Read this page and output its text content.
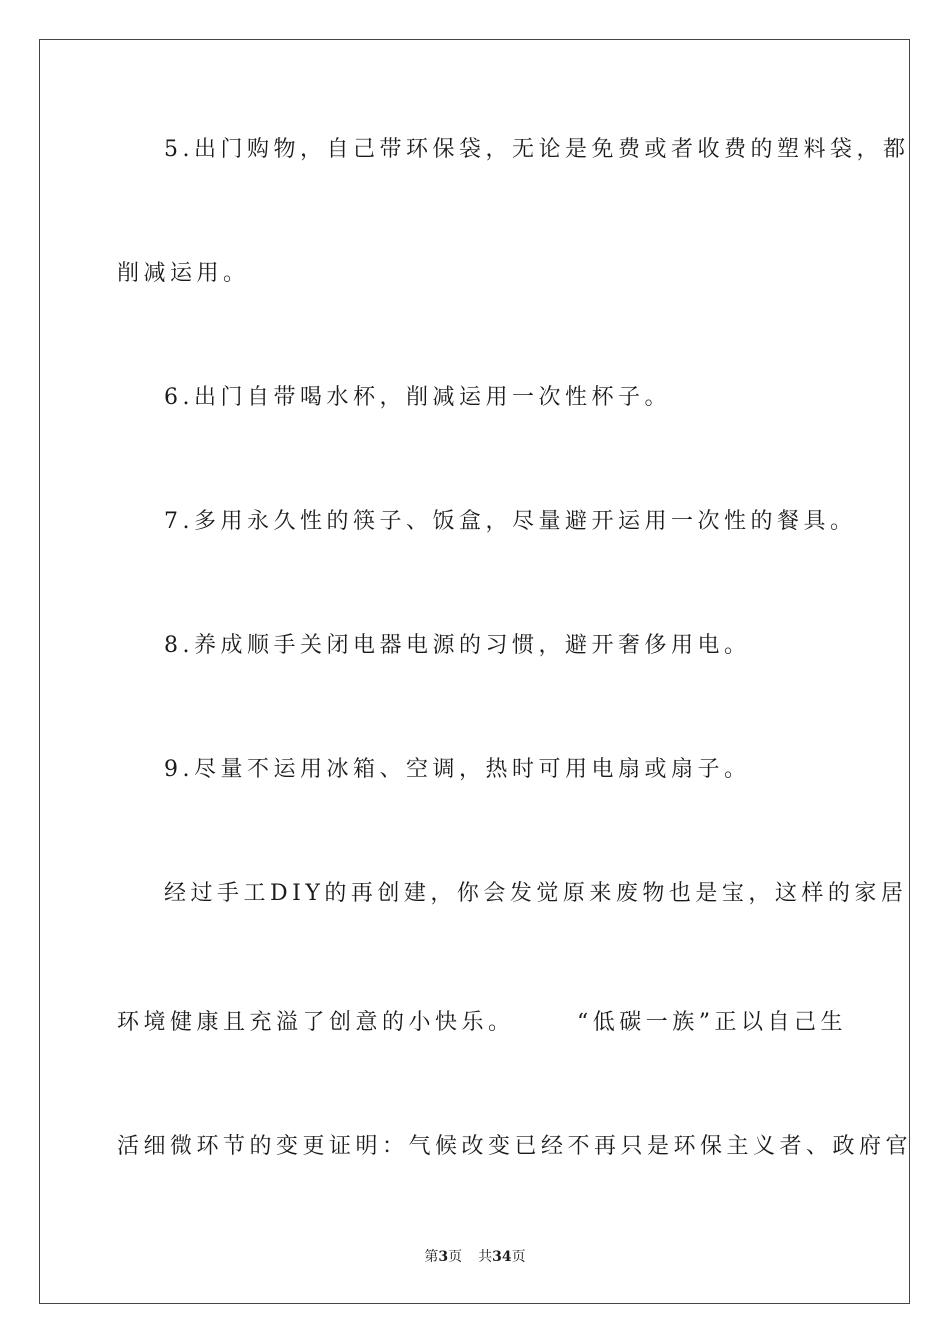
5.出门购物，自己带环保袋，无论是免费或者收费的塑料袋，都
削减运用。
6.出门自带喝水杯，削减运用一次性杯子。
7.多用永久性的筷子、饭盒，尽量避开运用一次性的餐具。
8.养成顺手关闭电器电源的习惯，避开奢侈用电。
9.尽量不运用冰箱、空调，热时可用电扇或扇子。
经过手工DIY的再创建，你会发觉原来废物也是宝，这样的家居
环境健康且充溢了创意的小快乐。	“低碳一族”正以自己生
活细微环节的变更证明：气候改变已经不再只是环保主义者、政府官
第3页 共34页
